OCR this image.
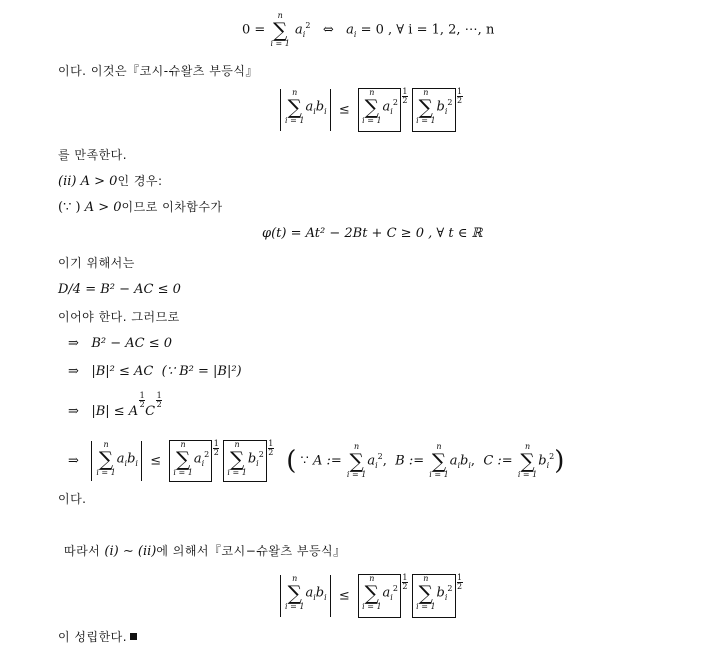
0 =
n
∑
i = 1
$a_i^2$ ⇔ $a_i = 0$ , ∀ i = 1, 2, ⋯, n
이다. 이것은『코시-슈왈츠 부등식』
n
∑
i = 1
$a_ib_i$ ≤
n
∑
i = 1
$a_i^2 \frac{1}{2}$
n
∑
i = 1
$b_i^2 \frac{1}{2}$
를 만족한다.
(ii) A > 0인 경우:
(∵ ) A > 0이므로 이차함수가
φ(t) = At² − 2Bt + C ≥ 0 , ∀ t ∈ ℝ
이기 위해서는
D/4 = B² − AC ≤ 0
이어야 한다. 그러므로
⇒ B² − AC ≤ 0
⇒ |B|² ≤ AC (∵ B² = |B|²)
⇒ |B| ≤ A
$\frac{1}{2}$
C
$\frac{1}{2}$
⇒
n
∑
i = 1
$a_ib_i$ ≤
n
∑
i = 1
$a_i^2 \frac{1}{2}$
n
∑
i = 1
$b_i^2 \frac{1}{2}$ ( ∵ A :=
n
∑
i = 1
$a_i^2$,  B :=
n
∑
i = 1
$a_ib_i$,  C :=
n
∑
i = 1
$b_i^2$)
이다.
따라서 (i) ∼ (ii)에 의해서『코시−슈왈츠 부등식』
n
∑
i = 1
$a_ib_i$ ≤
n
∑
i = 1
$a_i^2 \frac{1}{2}$
n
∑
i = 1
$b_i^2 \frac{1}{2}$
이 성립한다.
